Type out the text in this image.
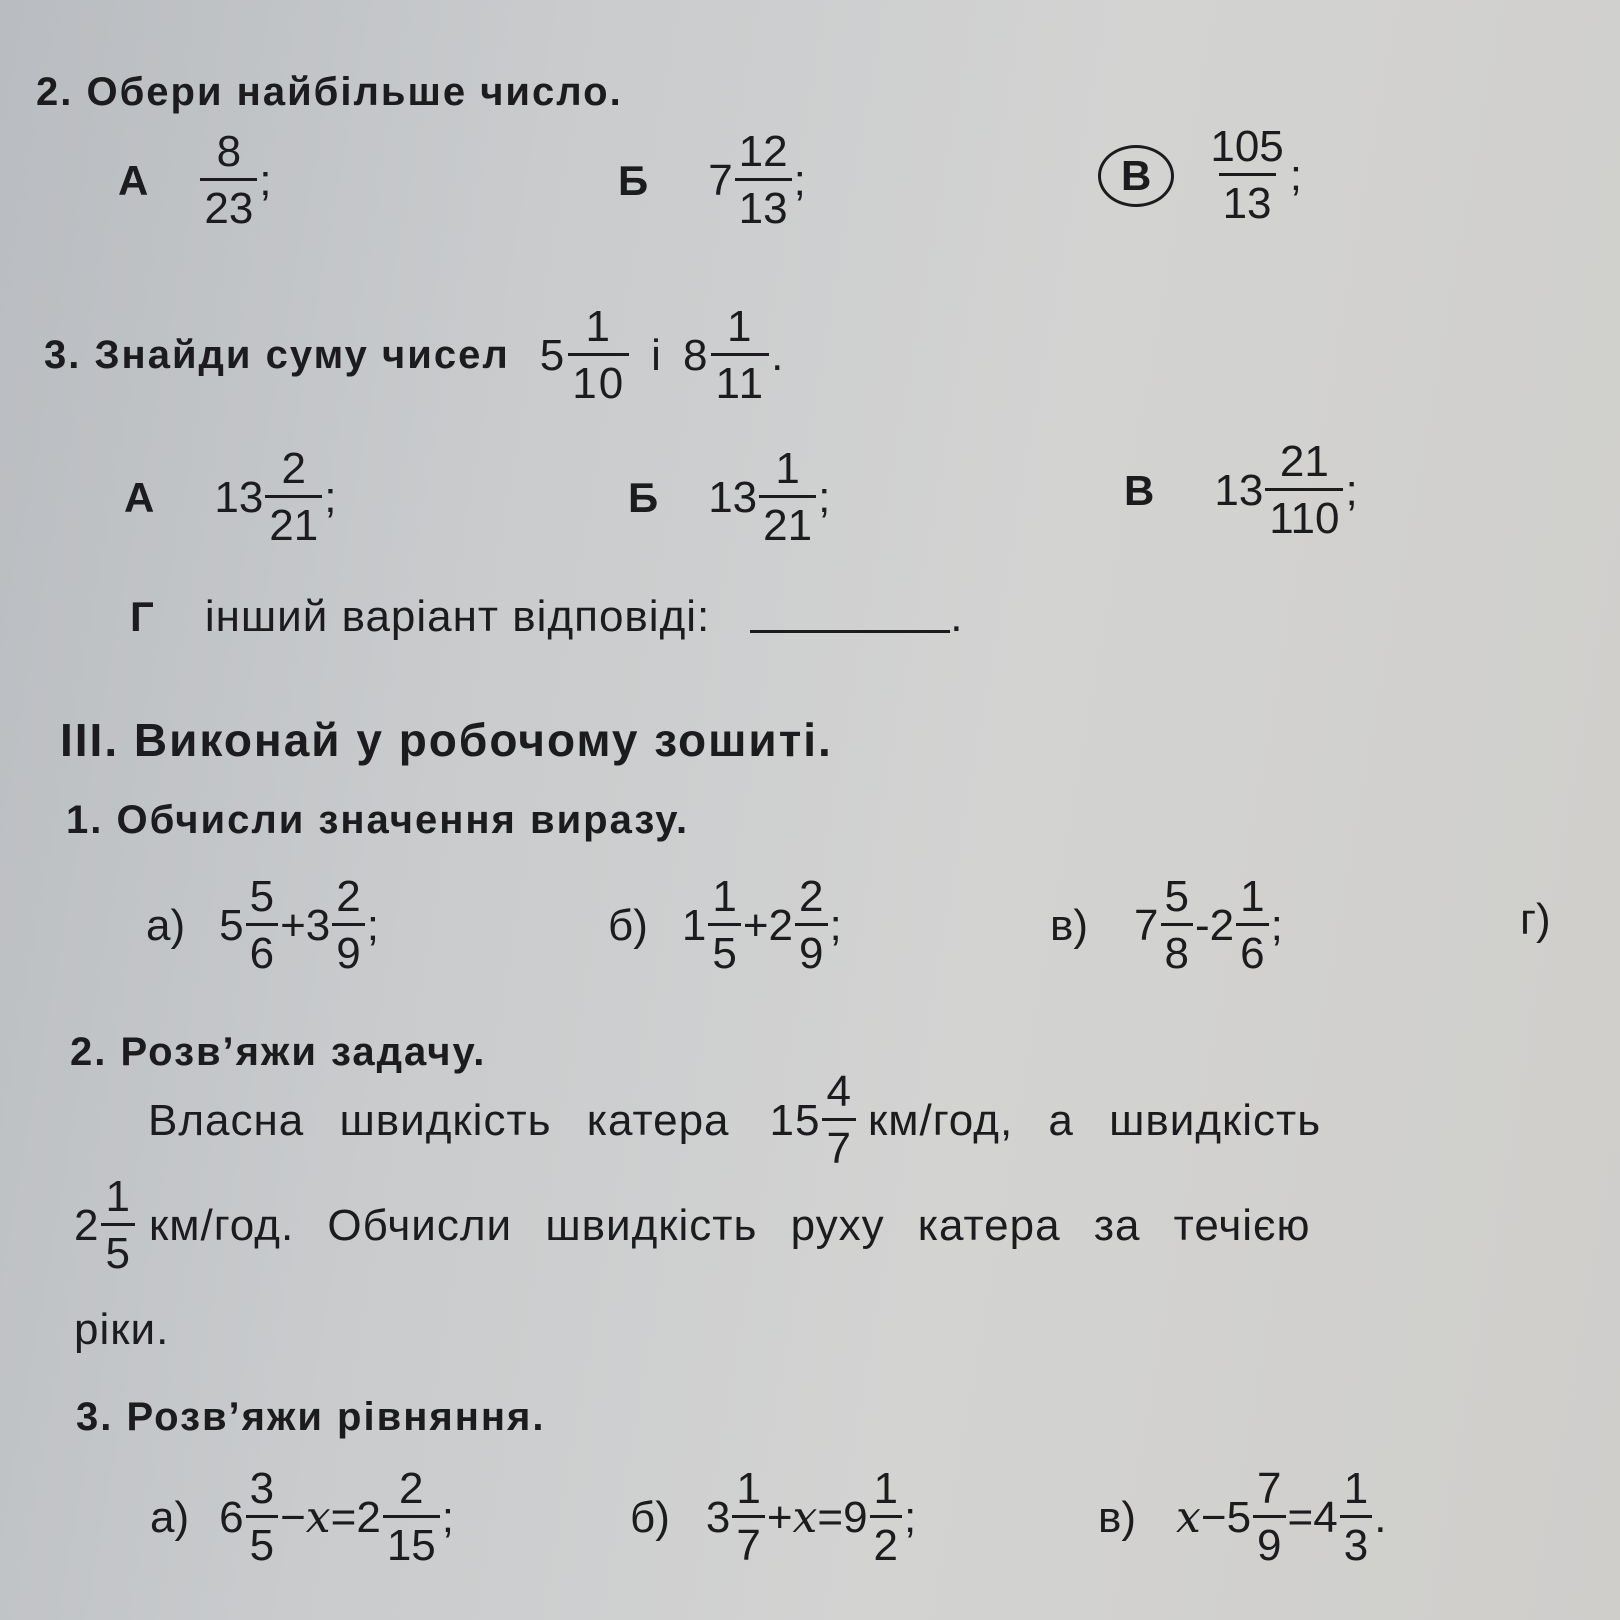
2. Обери найбільше число.
А $\frac{8}{23}$ ;	Б $7 \frac{12}{13}$ ;	В	$\frac{105}{13}$ ;
3. Знайди суму чисел $5 \frac{1}{10}$ і $8 \frac{1}{11}$ .
А $13 \frac{2}{21}$ ;	Б $13 \frac{1}{21}$ ;	В $13 \frac{21}{110}$ ;
Г інший варіант відповіді:	.
III. Виконай у робочому зошиті.
1. Обчисли значення виразу.
а) $5 \frac{5}{6} + 3 \frac{2}{9}$ ;	б) $1 \frac{1}{5} + 2 \frac{2}{9}$ ;	в) $7 \frac{5}{8} - 2 \frac{1}{6}$ ;	г)
2. Розв’яжи задачу.
Власна швидкість катера $15 \frac{4}{7} км/год$, а швидкість
$2 \frac{1}{5} км/год$. Обчисли швидкість руху катера за течією
ріки.
3. Розв’яжи рівняння.
а) $6 \frac{3}{5} - x = 2 \frac{2}{15}$ ;	б) $3 \frac{1}{7} + x = 9 \frac{1}{2}$ ;	в) $x - 5 \frac{7}{9} = 4 \frac{1}{3}$ .
